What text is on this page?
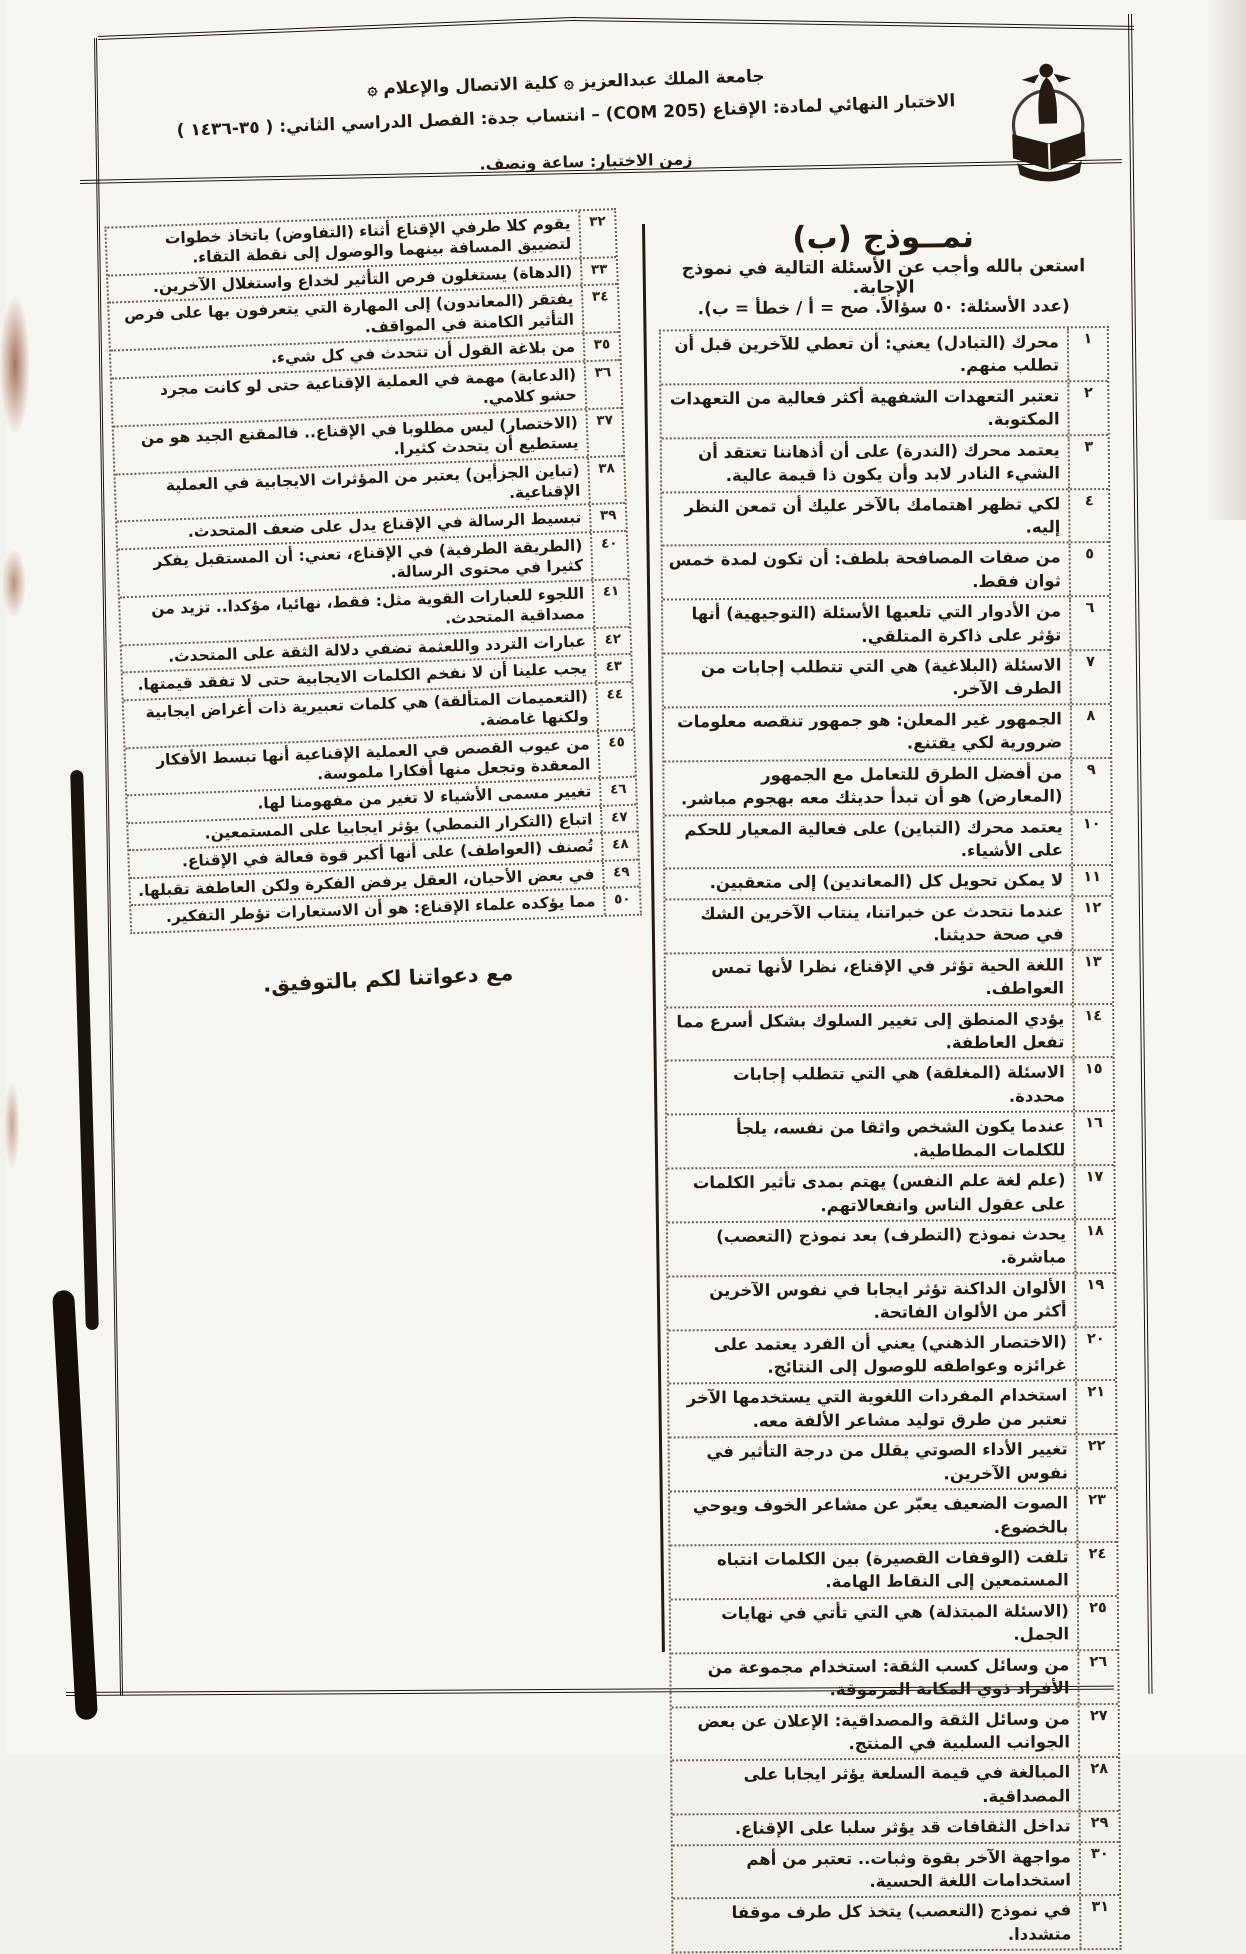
جامعة الملك عبدالعزيز ۞ كلية الاتصال والإعلام ۞
الاختبار النهائي لمادة: الإقناع (COM 205) – انتساب جدة: الفصل الدراسي الثاني: ( ٣٥-١٤٣٦ )
زمن الاختبار: ساعة ونصف.
نمــوذج (ب)
استعن بالله وأجب عن الأسئلة التالية في نموذج الإجابة.
(عدد الأسئلة: ٥٠ سؤالاً. صح = أ / خطأ = ب).
١
محرك (التبادل) يعني: أن تعطي للآخرين قبل أن تطلب منهم.
٢
تعتبر التعهدات الشفهية أكثر فعالية من التعهدات المكتوبة.
٣
يعتمد محرك (الندرة) على أن أذهاننا تعتقد أن الشيء النادر لابد وأن يكون ذا قيمة عالية.
٤
لكي تظهر اهتمامك بالآخر عليك أن تمعن النظر إليه.
٥
من صفات المصافحة بلطف: أن تكون لمدة خمس ثوان فقط.
٦
من الأدوار التي تلعبها الأسئلة (التوجيهية) أنها تؤثر على ذاكرة المتلقي.
٧
الاسئلة (البلاغية) هي التي تتطلب إجابات من الطرف الآخر.
٨
الجمهور غير المعلن: هو جمهور تنقصه معلومات ضرورية لكي يقتنع.
٩
من أفضل الطرق للتعامل مع الجمهور (المعارض) هو أن تبدأ حديثك معه بهجوم مباشر.
١٠
يعتمد محرك (التباين) على فعالية المعيار للحكم على الأشياء.
١١
لا يمكن تحويل كل (المعاندين) إلى متعقبين.
١٢
عندما نتحدث عن خبراتنا، ينتاب الآخرين الشك في صحة حديثنا.
١٣
اللغة الحية تؤثر في الإقناع، نظرا لأنها تمس العواطف.
١٤
يؤدي المنطق إلى تغيير السلوك بشكل أسرع مما تفعل العاطفة.
١٥
الاسئلة (المغلقة) هي التي تتطلب إجابات محددة.
١٦
عندما يكون الشخص واثقا من نفسه، يلجأ للكلمات المطاطية.
١٧
(علم لغة علم النفس) يهتم بمدى تأثير الكلمات على عقول الناس وانفعالاتهم.
١٨
يحدث نموذج (التطرف) بعد نموذج (التعصب) مباشرة.
١٩
الألوان الداكنة تؤثر ايجابا في نفوس الآخرين أكثر من الألوان الفاتحة.
٢٠
(الاختصار الذهني) يعني أن الفرد يعتمد على غرائزه وعواطفه للوصول إلى النتائج.
٢١
استخدام المفردات اللغوية التي يستخدمها الآخر تعتبر من طرق توليد مشاعر الألفة معه.
٢٢
تغيير الأداء الصوتي يقلل من درجة التأثير في نفوس الآخرين.
٢٣
الصوت الضعيف يعبّر عن مشاعر الخوف ويوحي بالخضوع.
٢٤
تلفت (الوقفات القصيرة) بين الكلمات انتباه المستمعين إلى النقاط الهامة.
٢٥
(الاسئلة المبتذلة) هي التي تأتي في نهايات الجمل.
٢٦
من وسائل كسب الثقة: استخدام مجموعة من الأفراد ذوي المكانة المرموقة.
٢٧
من وسائل الثقة والمصداقية: الإعلان عن بعض الجوانب السلبية في المنتج.
٢٨
المبالغة في قيمة السلعة يؤثر ايجابا على المصداقية.
٢٩
تداخل الثقافات قد يؤثر سلبا على الإقناع.
٣٠
مواجهة الآخر بقوة وثبات.. تعتبر من أهم استخدامات اللغة الحسية.
٣١
في نموذج (التعصب) يتخذ كل طرف موقفا متشددا.
٣٢
يقوم كلا طرفي الإقناع أثناء (التفاوض) باتخاذ خطوات لتضييق المسافة بينهما والوصول إلى نقطة التقاء.
٣٣
(الدهاة) يستغلون فرص التأثير لخداع واستغلال الآخرين.
٣٤
يفتقر (المعاندون) إلى المهارة التي يتعرفون بها على فرص التأثير الكامنة في المواقف.
٣٥
من بلاغة القول أن تتحدث في كل شيء.
٣٦
(الدعابة) مهمة في العملية الإقناعية حتى لو كانت مجرد حشو كلامي.
٣٧
(الاختصار) ليس مطلوبا في الإقناع.. فالمقنع الجيد هو من يستطيع أن يتحدث كثيرا.
٣٨
(تباين الجزأين) يعتبر من المؤثرات الايجابية في العملية الإقناعية.
٣٩
تبسيط الرسالة في الإقناع يدل على ضعف المتحدث.
٤٠
(الطريقة الطرفية) في الإقناع، تعني: أن المستقبل يفكر كثيرا في محتوى الرسالة.
٤١
اللجوء للعبارات القوية مثل: فقط، نهائيا، مؤكدا.. تزيد من مصداقية المتحدث.
٤٢
عبارات التردد واللعثمة تضفي دلالة الثقة على المتحدث.
٤٣
يجب علينا أن لا نفخم الكلمات الايجابية حتى لا تفقد قيمتها.	٤٤
(التعميمات المتألقة) هي كلمات تعبيرية ذات أغراض ايجابية ولكنها غامضة.
٤٥
من عيوب القصص في العملية الإقناعية أنها تبسط الأفكار المعقدة وتجعل منها أفكارا ملموسة.
٤٦
تغيير مسمى الأشياء لا تغير من مفهومنا لها.
٤٧
اتباع (التكرار النمطي) يؤثر ايجابيا على المستمعين.
٤٨
تُصنف (العواطف) على أنها أكبر قوة فعالة في الإقناع.
٤٩
في بعض الأحيان، العقل يرفض الفكرة ولكن العاطفة تقبلها.	٥٠
مما يؤكده علماء الإقناع: هو أن الاستعارات تؤطر التفكير.
مع دعواتنا لكم بالتوفيق.
